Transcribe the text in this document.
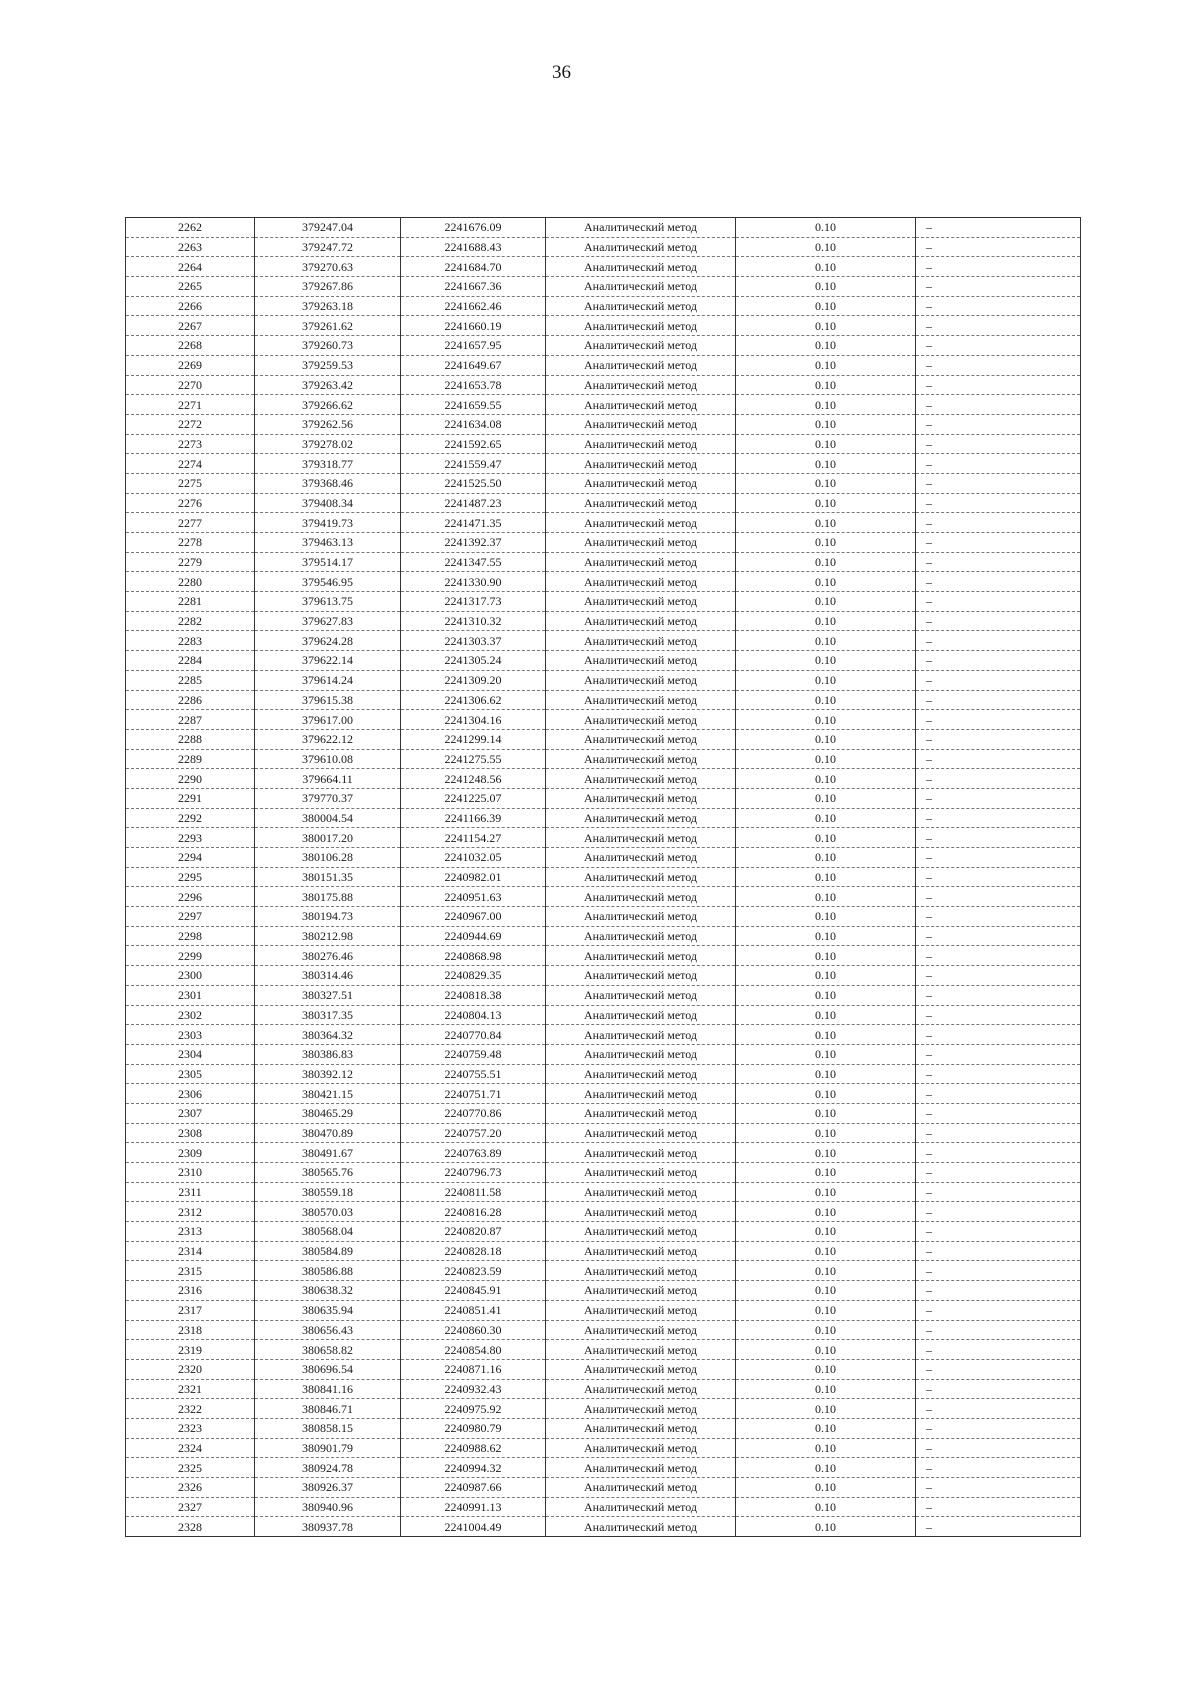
36
2262	379247.04	2241676.09	Аналитический метод	0.10	–
2263	379247.72	2241688.43	Аналитический метод	0.10	–
2264	379270.63	2241684.70	Аналитический метод	0.10	–
2265	379267.86	2241667.36	Аналитический метод	0.10	–
2266	379263.18	2241662.46	Аналитический метод	0.10	–
2267	379261.62	2241660.19	Аналитический метод	0.10	–
2268	379260.73	2241657.95	Аналитический метод	0.10	–
2269	379259.53	2241649.67	Аналитический метод	0.10	–
2270	379263.42	2241653.78	Аналитический метод	0.10	–
2271	379266.62	2241659.55	Аналитический метод	0.10	–
2272	379262.56	2241634.08	Аналитический метод	0.10	–
2273	379278.02	2241592.65	Аналитический метод	0.10	–
2274	379318.77	2241559.47	Аналитический метод	0.10	–
2275	379368.46	2241525.50	Аналитический метод	0.10	–
2276	379408.34	2241487.23	Аналитический метод	0.10	–
2277	379419.73	2241471.35	Аналитический метод	0.10	–
2278	379463.13	2241392.37	Аналитический метод	0.10	–
2279	379514.17	2241347.55	Аналитический метод	0.10	–
2280	379546.95	2241330.90	Аналитический метод	0.10	–
2281	379613.75	2241317.73	Аналитический метод	0.10	–
2282	379627.83	2241310.32	Аналитический метод	0.10	–
2283	379624.28	2241303.37	Аналитический метод	0.10	–
2284	379622.14	2241305.24	Аналитический метод	0.10	–
2285	379614.24	2241309.20	Аналитический метод	0.10	–
2286	379615.38	2241306.62	Аналитический метод	0.10	–
2287	379617.00	2241304.16	Аналитический метод	0.10	–
2288	379622.12	2241299.14	Аналитический метод	0.10	–
2289	379610.08	2241275.55	Аналитический метод	0.10	–
2290	379664.11	2241248.56	Аналитический метод	0.10	–
2291	379770.37	2241225.07	Аналитический метод	0.10	–
2292	380004.54	2241166.39	Аналитический метод	0.10	–
2293	380017.20	2241154.27	Аналитический метод	0.10	–
2294	380106.28	2241032.05	Аналитический метод	0.10	–
2295	380151.35	2240982.01	Аналитический метод	0.10	–
2296	380175.88	2240951.63	Аналитический метод	0.10	–
2297	380194.73	2240967.00	Аналитический метод	0.10	–
2298	380212.98	2240944.69	Аналитический метод	0.10	–
2299	380276.46	2240868.98	Аналитический метод	0.10	–
2300	380314.46	2240829.35	Аналитический метод	0.10	–
2301	380327.51	2240818.38	Аналитический метод	0.10	–
2302	380317.35	2240804.13	Аналитический метод	0.10	–
2303	380364.32	2240770.84	Аналитический метод	0.10	–
2304	380386.83	2240759.48	Аналитический метод	0.10	–
2305	380392.12	2240755.51	Аналитический метод	0.10	–
2306	380421.15	2240751.71	Аналитический метод	0.10	–
2307	380465.29	2240770.86	Аналитический метод	0.10	–
2308	380470.89	2240757.20	Аналитический метод	0.10	–
2309	380491.67	2240763.89	Аналитический метод	0.10	–
2310	380565.76	2240796.73	Аналитический метод	0.10	–
2311	380559.18	2240811.58	Аналитический метод	0.10	–
2312	380570.03	2240816.28	Аналитический метод	0.10	–
2313	380568.04	2240820.87	Аналитический метод	0.10	–
2314	380584.89	2240828.18	Аналитический метод	0.10	–
2315	380586.88	2240823.59	Аналитический метод	0.10	–
2316	380638.32	2240845.91	Аналитический метод	0.10	–
2317	380635.94	2240851.41	Аналитический метод	0.10	–
2318	380656.43	2240860.30	Аналитический метод	0.10	–
2319	380658.82	2240854.80	Аналитический метод	0.10	–
2320	380696.54	2240871.16	Аналитический метод	0.10	–
2321	380841.16	2240932.43	Аналитический метод	0.10	–
2322	380846.71	2240975.92	Аналитический метод	0.10	–
2323	380858.15	2240980.79	Аналитический метод	0.10	–
2324	380901.79	2240988.62	Аналитический метод	0.10	–
2325	380924.78	2240994.32	Аналитический метод	0.10	–
2326	380926.37	2240987.66	Аналитический метод	0.10	–
2327	380940.96	2240991.13	Аналитический метод	0.10	–
2328	380937.78	2241004.49	Аналитический метод	0.10	–
